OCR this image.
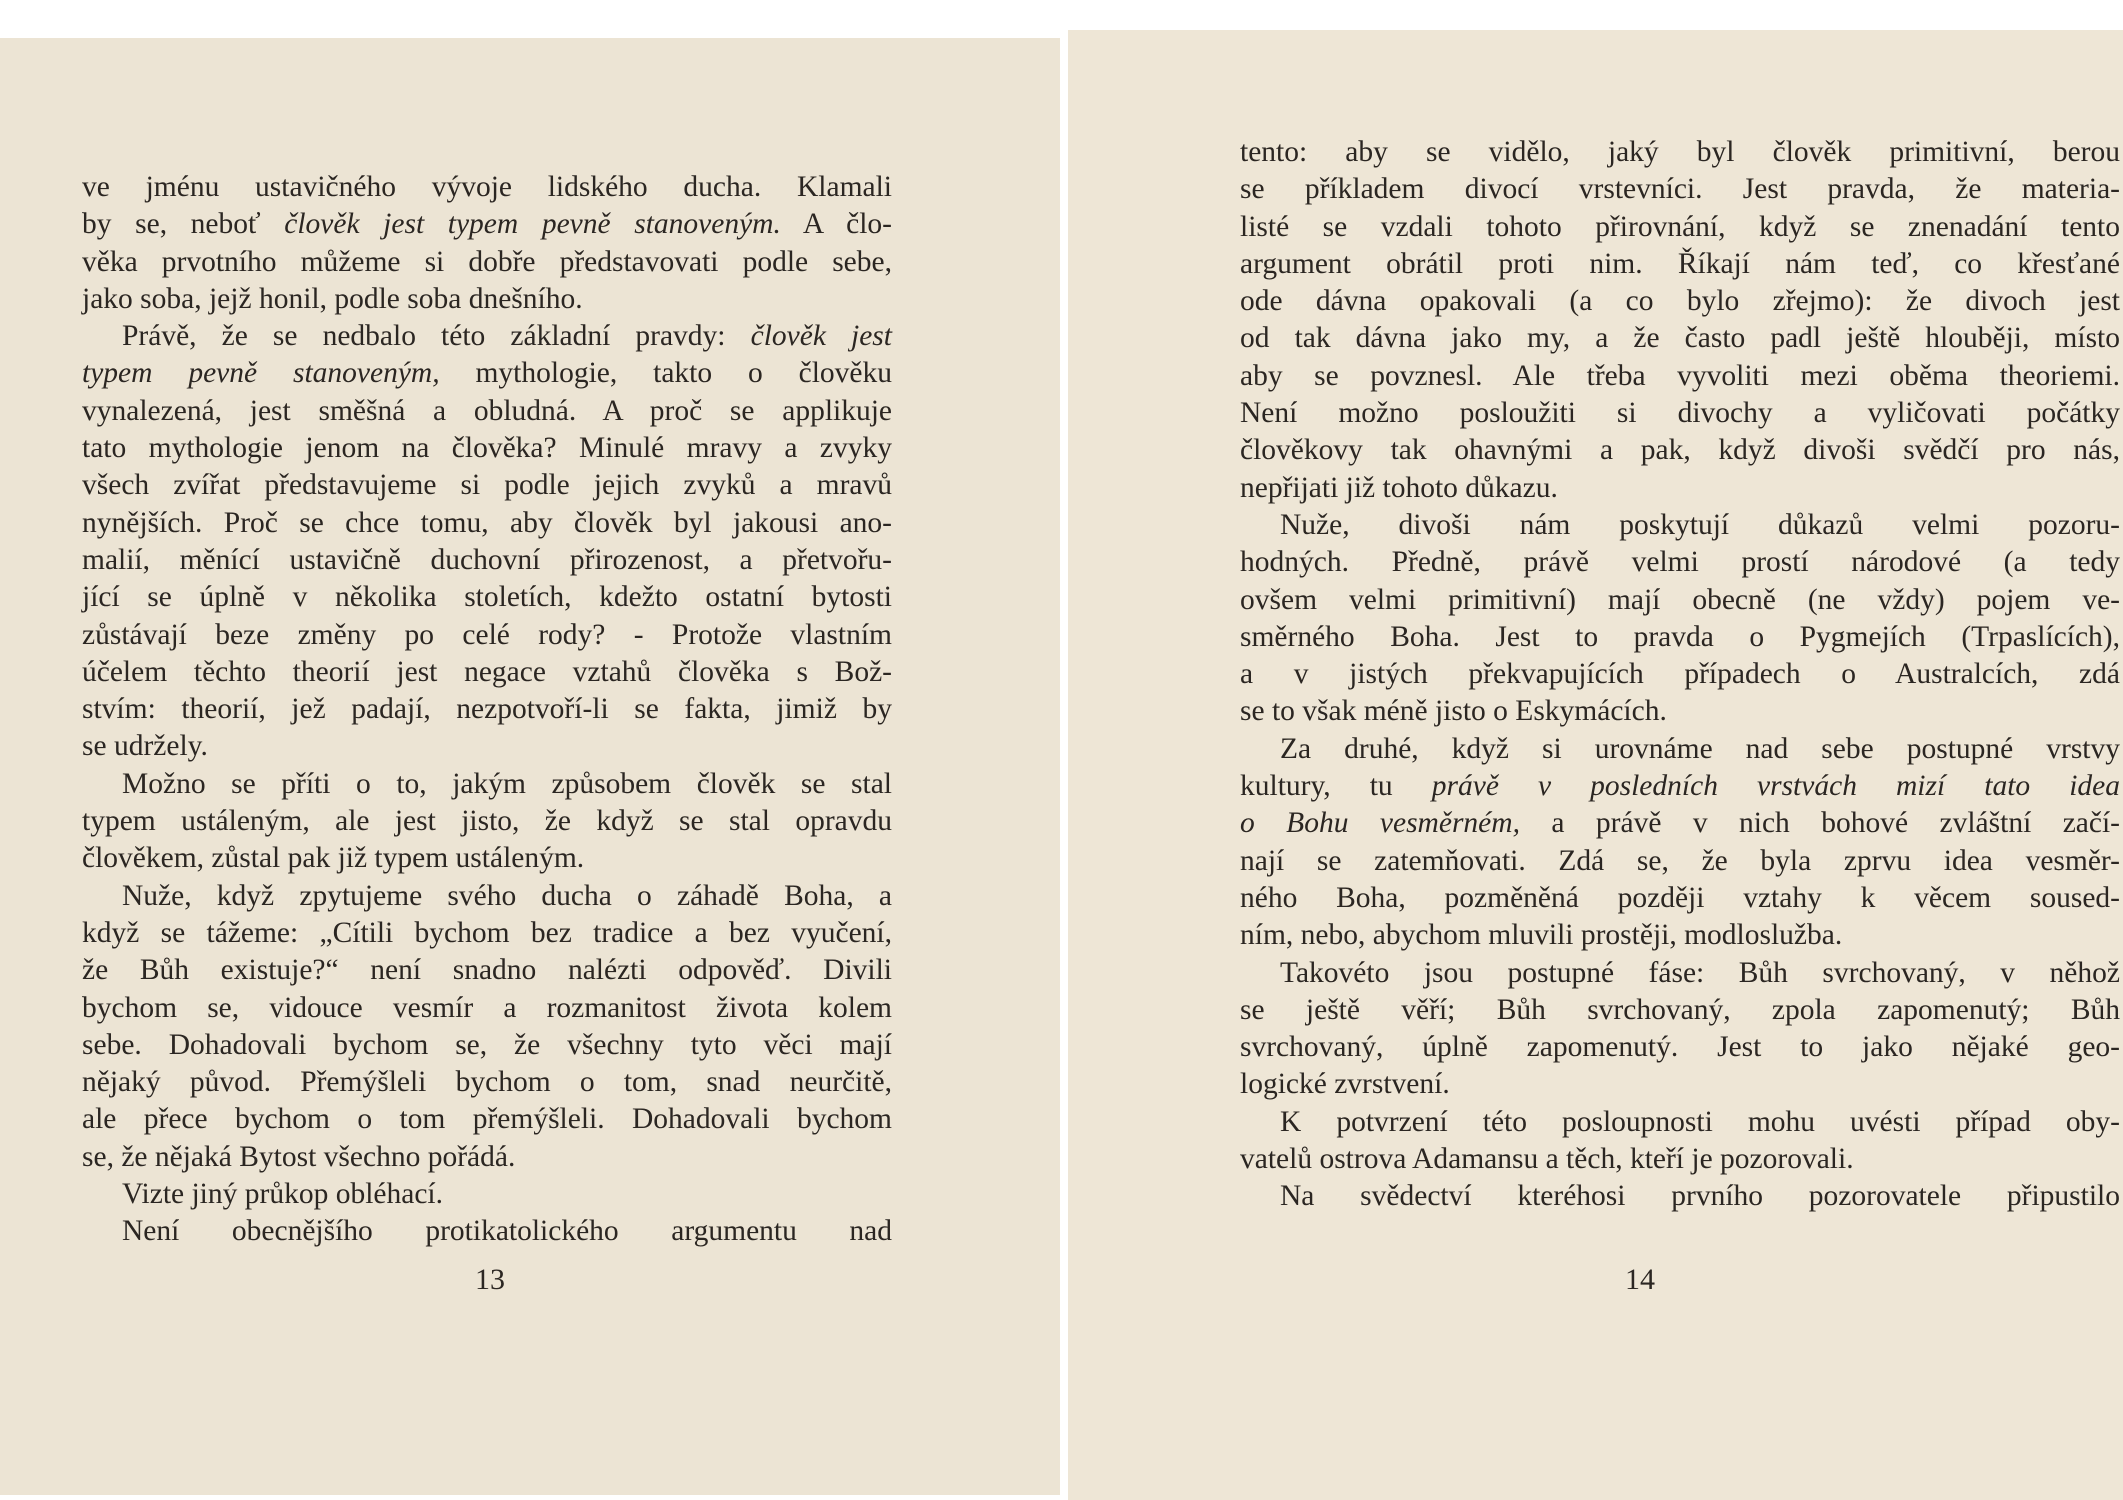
ve jménu ustavičného vývoje lidského ducha. Klamali

by se, neboť člověk jest typem pevně stanoveným. A člo-

věka prvotního můžeme si dobře představovati podle sebe,

jako soba, jejž honil, podle soba dnešního.

Právě, že se nedbalo této základní pravdy: člověk jest

typem pevně stanoveným, mythologie, takto o člověku

vynalezená, jest směšná a obludná. A proč se applikuje

tato mythologie jenom na člověka? Minulé mravy a zvyky

všech zvířat představujeme si podle jejich zvyků a mravů

nynějších. Proč se chce tomu, aby člověk byl jakousi ano-

malií, měnící ustavičně duchovní přirozenost, a přetvořu-

jící se úplně v několika stoletích, kdežto ostatní bytosti

zůstávají beze změny po celé rody? - Protože vlastním

účelem těchto theorií jest negace vztahů člověka s Bož-

stvím: theorií, jež padají, nezpotvoří-li se fakta, jimiž by

se udržely.

Možno se příti o to, jakým způsobem člověk se stal

typem ustáleným, ale jest jisto, že když se stal opravdu

člověkem, zůstal pak již typem ustáleným.

Nuže, když zpytujeme svého ducha o záhadě Boha, a

když se tážeme: „Cítili bychom bez tradice a bez vyučení,

že Bůh existuje?“ není snadno nalézti odpověď. Divili

bychom se, vidouce vesmír a rozmanitost života kolem

sebe. Dohadovali bychom se, že všechny tyto věci mají

nějaký původ. Přemýšleli bychom o tom, snad neurčitě,

ale přece bychom o tom přemýšleli. Dohadovali bychom

se, že nějaká Bytost všechno pořádá.

Vizte jiný průkop obléhací.

Není obecnějšího protikatolického argumentu nad

13

tento: aby se vidělo, jaký byl člověk primitivní, berou

se příkladem divocí vrstevníci. Jest pravda, že materia-

listé se vzdali tohoto přirovnání, když se znenadání tento

argument obrátil proti nim. Říkají nám teď, co křesťané

ode dávna opakovali (a co bylo zřejmo): že divoch jest

od tak dávna jako my, a že často padl ještě hlouběji, místo

aby se povznesl. Ale třeba vyvoliti mezi oběma theoriemi.

Není možno posloužiti si divochy a vyličovati počátky

člověkovy tak ohavnými a pak, když divoši svědčí pro nás,

nepřijati již tohoto důkazu.

Nuže, divoši nám poskytují důkazů velmi pozoru-

hodných. Předně, právě velmi prostí národové (a tedy

ovšem velmi primitivní) mají obecně (ne vždy) pojem ve-

směrného Boha. Jest to pravda o Pygmejích (Trpaslících),

a v jistých překvapujících případech o Australcích, zdá

se to však méně jisto o Eskymácích.

Za druhé, když si urovnáme nad sebe postupné vrstvy

kultury, tu právě v posledních vrstvách mizí tato idea

o Bohu vesměrném, a právě v nich bohové zvláštní začí-

nají se zatemňovati. Zdá se, že byla zprvu idea vesměr-

ného Boha, pozměněná později vztahy k věcem soused-

ním, nebo, abychom mluvili prostěji, modloslužba.

Takovéto jsou postupné fáse: Bůh svrchovaný, v něhož

se ještě věří; Bůh svrchovaný, zpola zapomenutý; Bůh

svrchovaný, úplně zapomenutý. Jest to jako nějaké geo-

logické zvrstvení.

K potvrzení této posloupnosti mohu uvésti případ oby-

vatelů ostrova Adamansu a těch, kteří je pozorovali.

Na svědectví kteréhosi prvního pozorovatele připustilo

14
